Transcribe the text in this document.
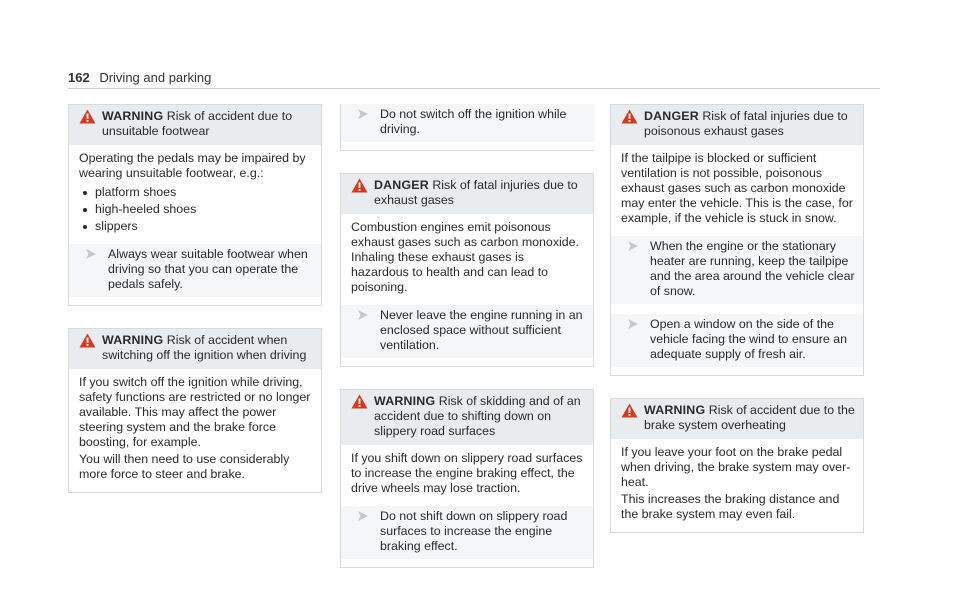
162 Driving and parking
WARNING Risk of accident due to unsuitable footwear

Operating the pedals may be impaired by wearing unsuitable footwear, e.g.:

platform shoes
high-heeled shoes
slippers
Always wear suitable footwear when driving so that you can operate the pedals safely.
WARNING Risk of accident when switching off the ignition when driving

If you switch off the ignition while driving, safety functions are restricted or no longer available. This may affect the power steering system and the brake force boosting, for example.

You will then need to use considerably more force to steer and brake.

Do not switch off the ignition while driving.
DANGER Risk of fatal injuries due to exhaust gases

Combustion engines emit poisonous exhaust gases such as carbon monoxide. Inhaling these exhaust gases is hazardous to health and can lead to poisoning.

Never leave the engine running in an enclosed space without sufficient ventilation.
WARNING Risk of skidding and of an accident due to shifting down on slippery road surfaces

If you shift down on slippery road surfaces to increase the engine braking effect, the drive wheels may lose traction.

Do not shift down on slippery road surfaces to increase the engine braking effect.
DANGER Risk of fatal injuries due to poisonous exhaust gases

If the tailpipe is blocked or sufficient ventilation is not possible, poisonous exhaust gases such as carbon monoxide may enter the vehicle. This is the case, for example, if the vehicle is stuck in snow.

When the engine or the stationary heater are running, keep the tailpipe and the area around the vehicle clear of snow.
Open a window on the side of the vehicle facing the wind to ensure an adequate supply of fresh air.
WARNING Risk of accident due to the brake system overheating

If you leave your foot on the brake pedal when driving, the brake system may overheat.

This increases the braking distance and the brake system may even fail.
